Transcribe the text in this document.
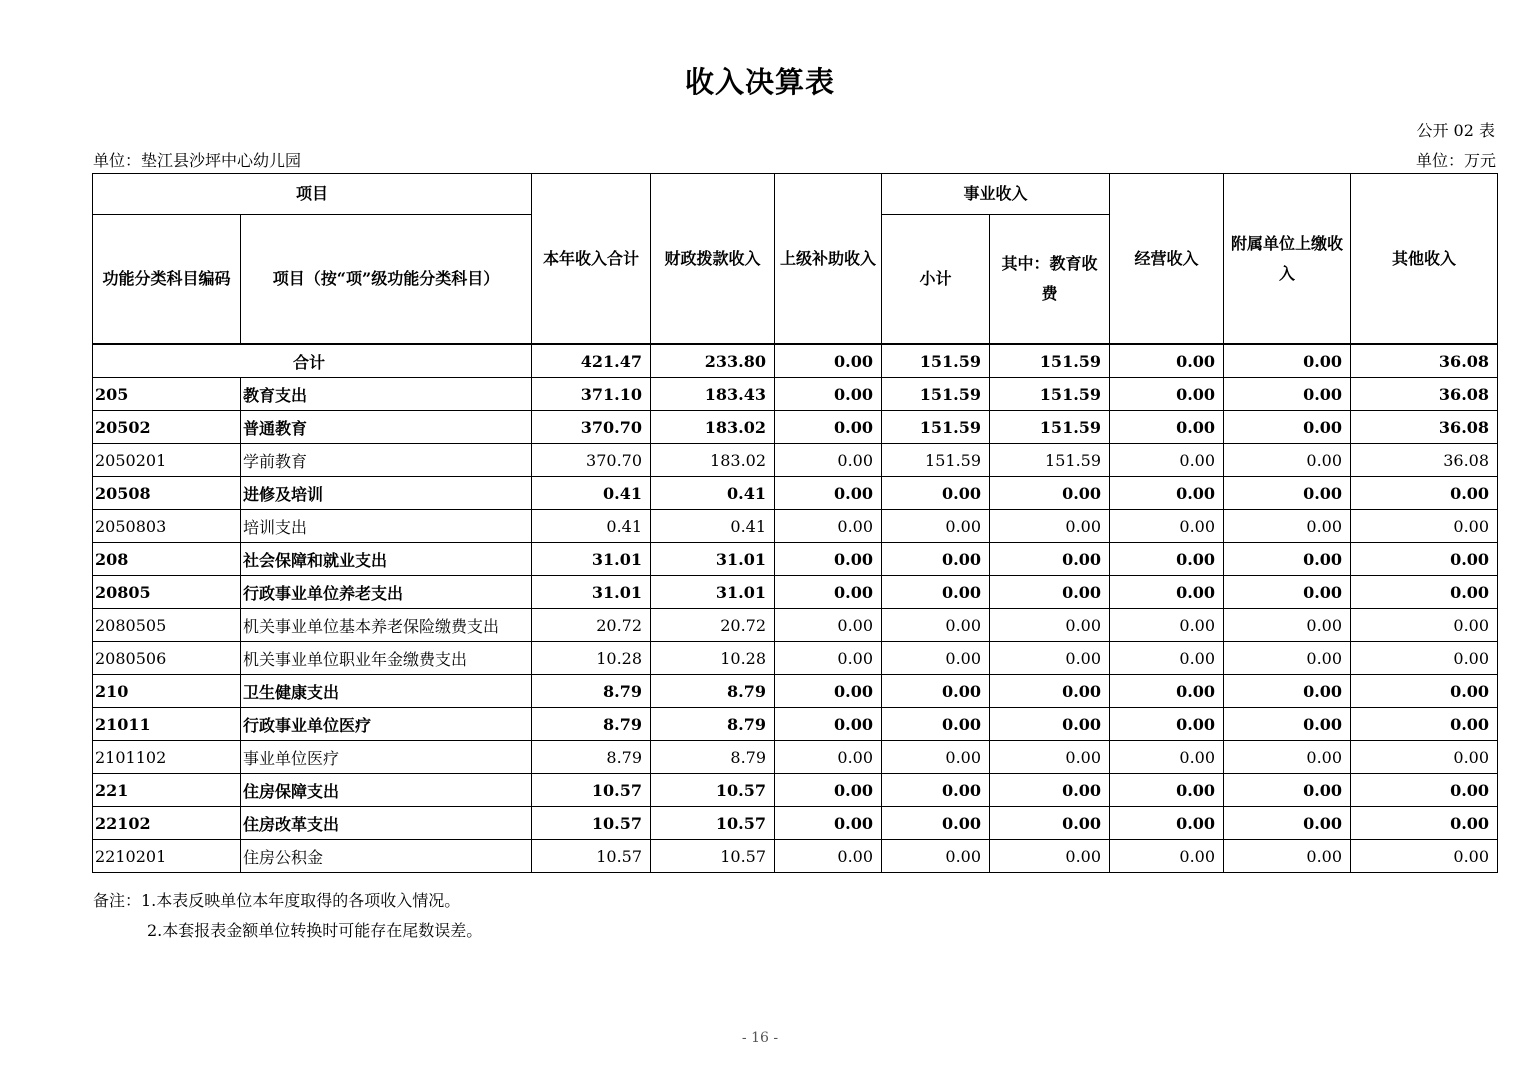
收入决算表
公开 02 表
单位：垫江县沙坪中心幼儿园	单位：万元
项目		本年收入合计	财政拨款收入	上级补助收入	事业收入		经营收入	附属单位上缴收入	其他收入
功能分类科目编码	项目（按“项”级功能分类科目）				小计	其中：教育收费			
合计		421.47	233.80	0.00	151.59	151.59	0.00	0.00	36.08
205	教育支出	371.10	183.43	0.00	151.59	151.59	0.00	0.00	36.08
20502	普通教育	370.70	183.02	0.00	151.59	151.59	0.00	0.00	36.08
2050201	学前教育	370.70	183.02	0.00	151.59	151.59	0.00	0.00	36.08
20508	进修及培训	0.41	0.41	0.00	0.00	0.00	0.00	0.00	0.00
2050803	培训支出	0.41	0.41	0.00	0.00	0.00	0.00	0.00	0.00
208	社会保障和就业支出	31.01	31.01	0.00	0.00	0.00	0.00	0.00	0.00
20805	行政事业单位养老支出	31.01	31.01	0.00	0.00	0.00	0.00	0.00	0.00
2080505	机关事业单位基本养老保险缴费支出	20.72	20.72	0.00	0.00	0.00	0.00	0.00	0.00
2080506	机关事业单位职业年金缴费支出	10.28	10.28	0.00	0.00	0.00	0.00	0.00	0.00
210	卫生健康支出	8.79	8.79	0.00	0.00	0.00	0.00	0.00	0.00
21011	行政事业单位医疗	8.79	8.79	0.00	0.00	0.00	0.00	0.00	0.00
2101102	事业单位医疗	8.79	8.79	0.00	0.00	0.00	0.00	0.00	0.00
221	住房保障支出	10.57	10.57	0.00	0.00	0.00	0.00	0.00	0.00
22102	住房改革支出	10.57	10.57	0.00	0.00	0.00	0.00	0.00	0.00
2210201	住房公积金	10.57	10.57	0.00	0.00	0.00	0.00	0.00	0.00
备注：1.本表反映单位本年度取得的各项收入情况。
2.本套报表金额单位转换时可能存在尾数误差。
- 16 -
